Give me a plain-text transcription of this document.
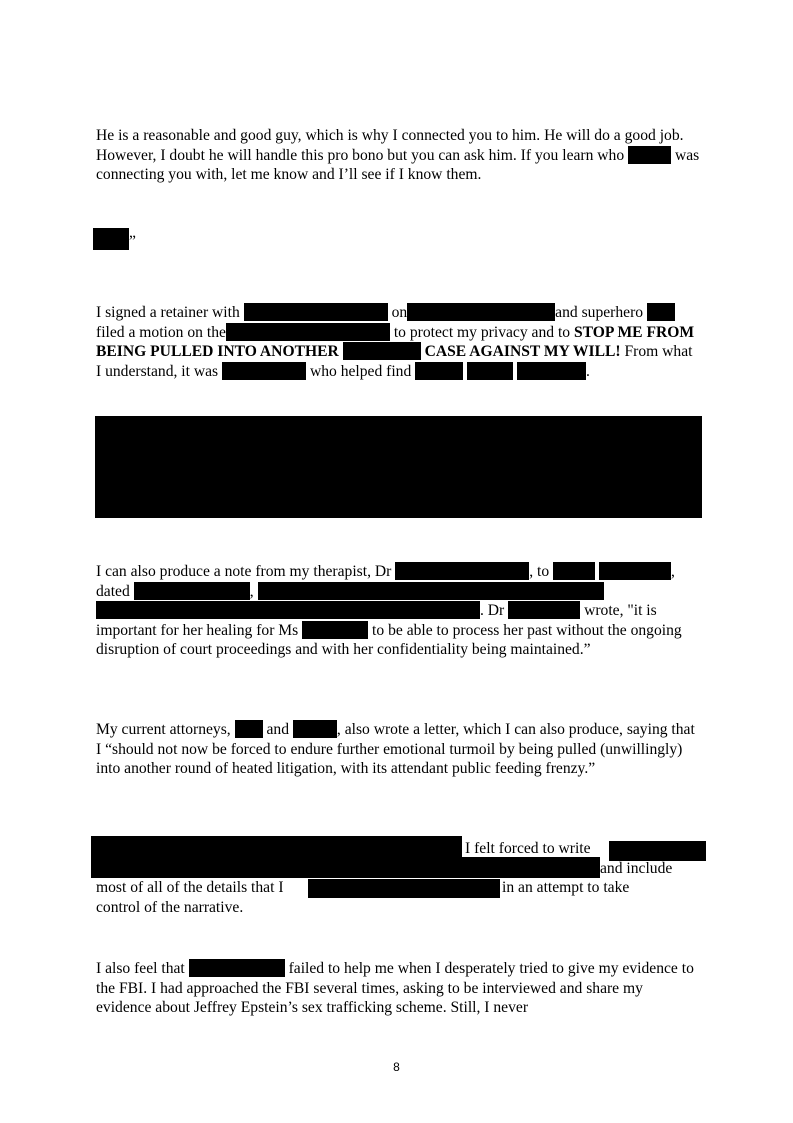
He is a reasonable and good guy, which is why I connected you to him. He will do a good job. However, I doubt he will handle this pro bono but you can ask him. If you learn who	was connecting you with, let me know and I’ll see if I know them.

”

I signed a retainer with	on	and superhero  filed a motion on the	to protect my privacy and to STOP ME FROM BEING PULLED INTO ANOTHER	CASE AGAINST MY WILL! From what I understand, it was	who helped find	.

I can also produce a note from my therapist, Dr	, to	, dated	,  . Dr	wrote, "it is important for her healing for Ms	to be able to process her past without the ongoing disruption of court proceedings and with her confidentiality being maintained.”

My current attorneys, and	, also wrote a letter, which I can also produce, saying that I “should not now be forced to endure further emotional turmoil by being pulled (unwillingly) into another round of heated litigation, with its attendant public feeding frenzy.”

I felt forced to write
and include
most of all of the details that I	in an attempt to take
control of the narrative.

I also feel that	failed to help me when I desperately tried to give my evidence to the FBI. I had approached the FBI several times, asking to be interviewed and share my evidence about Jeffrey Epstein’s sex trafficking scheme. Still, I never

8
